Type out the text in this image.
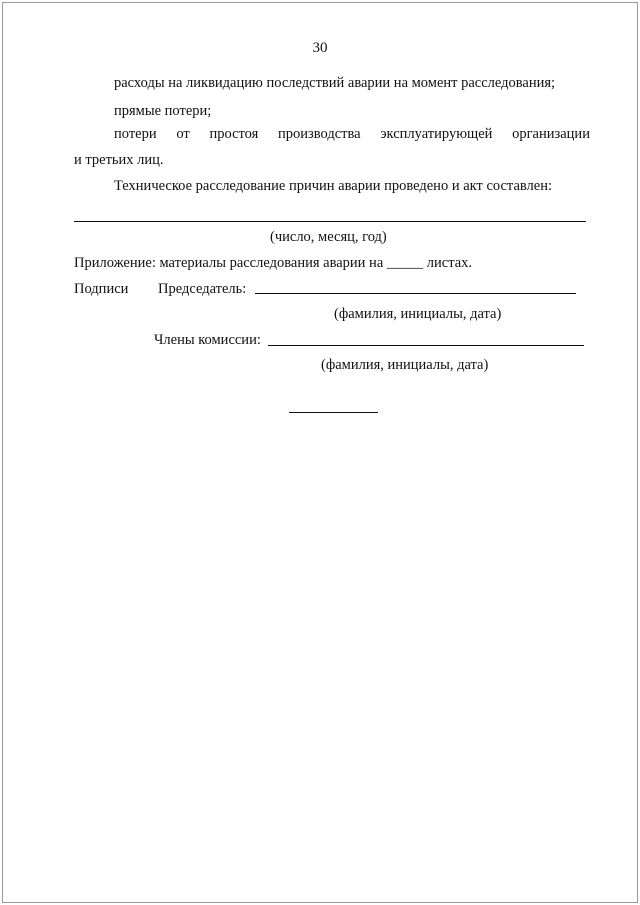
30
расходы на ликвидацию последствий аварии на момент расследования;
прямые потери;
потери от простоя производства эксплуатирующей организации
и третьих лиц.
Техническое расследование причин аварии проведено и акт составлен:
(число, месяц, год)
Приложение: материалы расследования аварии на _____ листах.
Подписи Председатель:
(фамилия, инициалы, дата)
Члены комиссии:
(фамилия, инициалы, дата)
